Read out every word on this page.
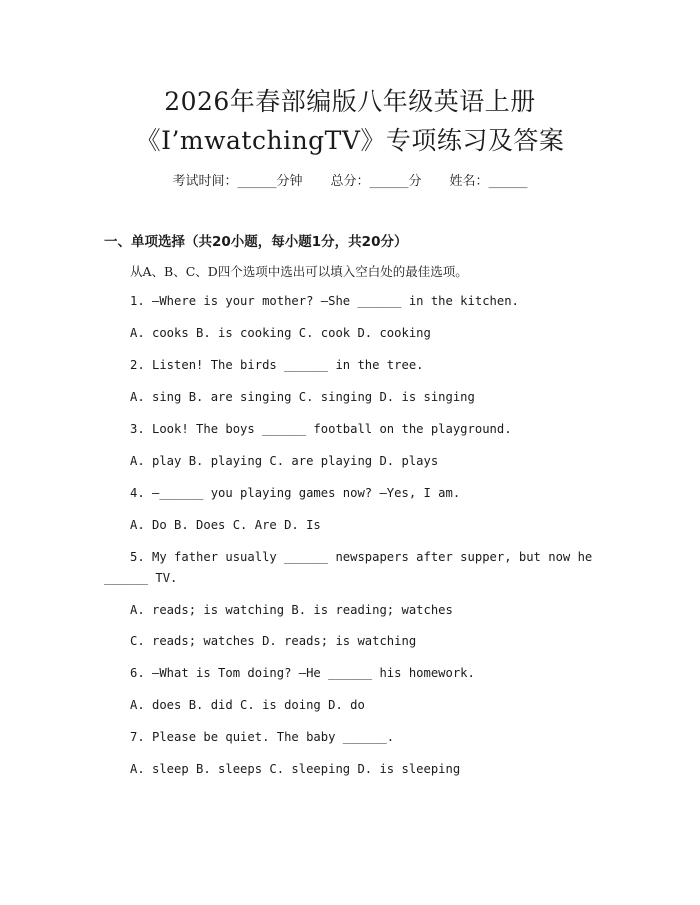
2026年春部编版八年级英语上册
《I’mwatchingTV》专项练习及答案
考试时间：______分钟 总分：______分 姓名：______
一、单项选择（共20小题，每小题1分，共20分）
从A、B、C、D四个选项中选出可以填入空白处的最佳选项。
1. —Where is your mother? —She ______ in the kitchen.
A. cooks B. is cooking C. cook D. cooking
2. Listen! The birds ______ in the tree.
A. sing B. are singing C. singing D. is singing
3. Look! The boys ______ football on the playground.
A. play B. playing C. are playing D. plays
4. —______ you playing games now? —Yes, I am.
A. Do B. Does C. Are D. Is
5. My father usually ______ newspapers after supper, but now he
______ TV.
A. reads; is watching B. is reading; watches
C. reads; watches D. reads; is watching
6. —What is Tom doing? —He ______ his homework.
A. does B. did C. is doing D. do
7. Please be quiet. The baby ______.
A. sleep B. sleeps C. sleeping D. is sleeping
